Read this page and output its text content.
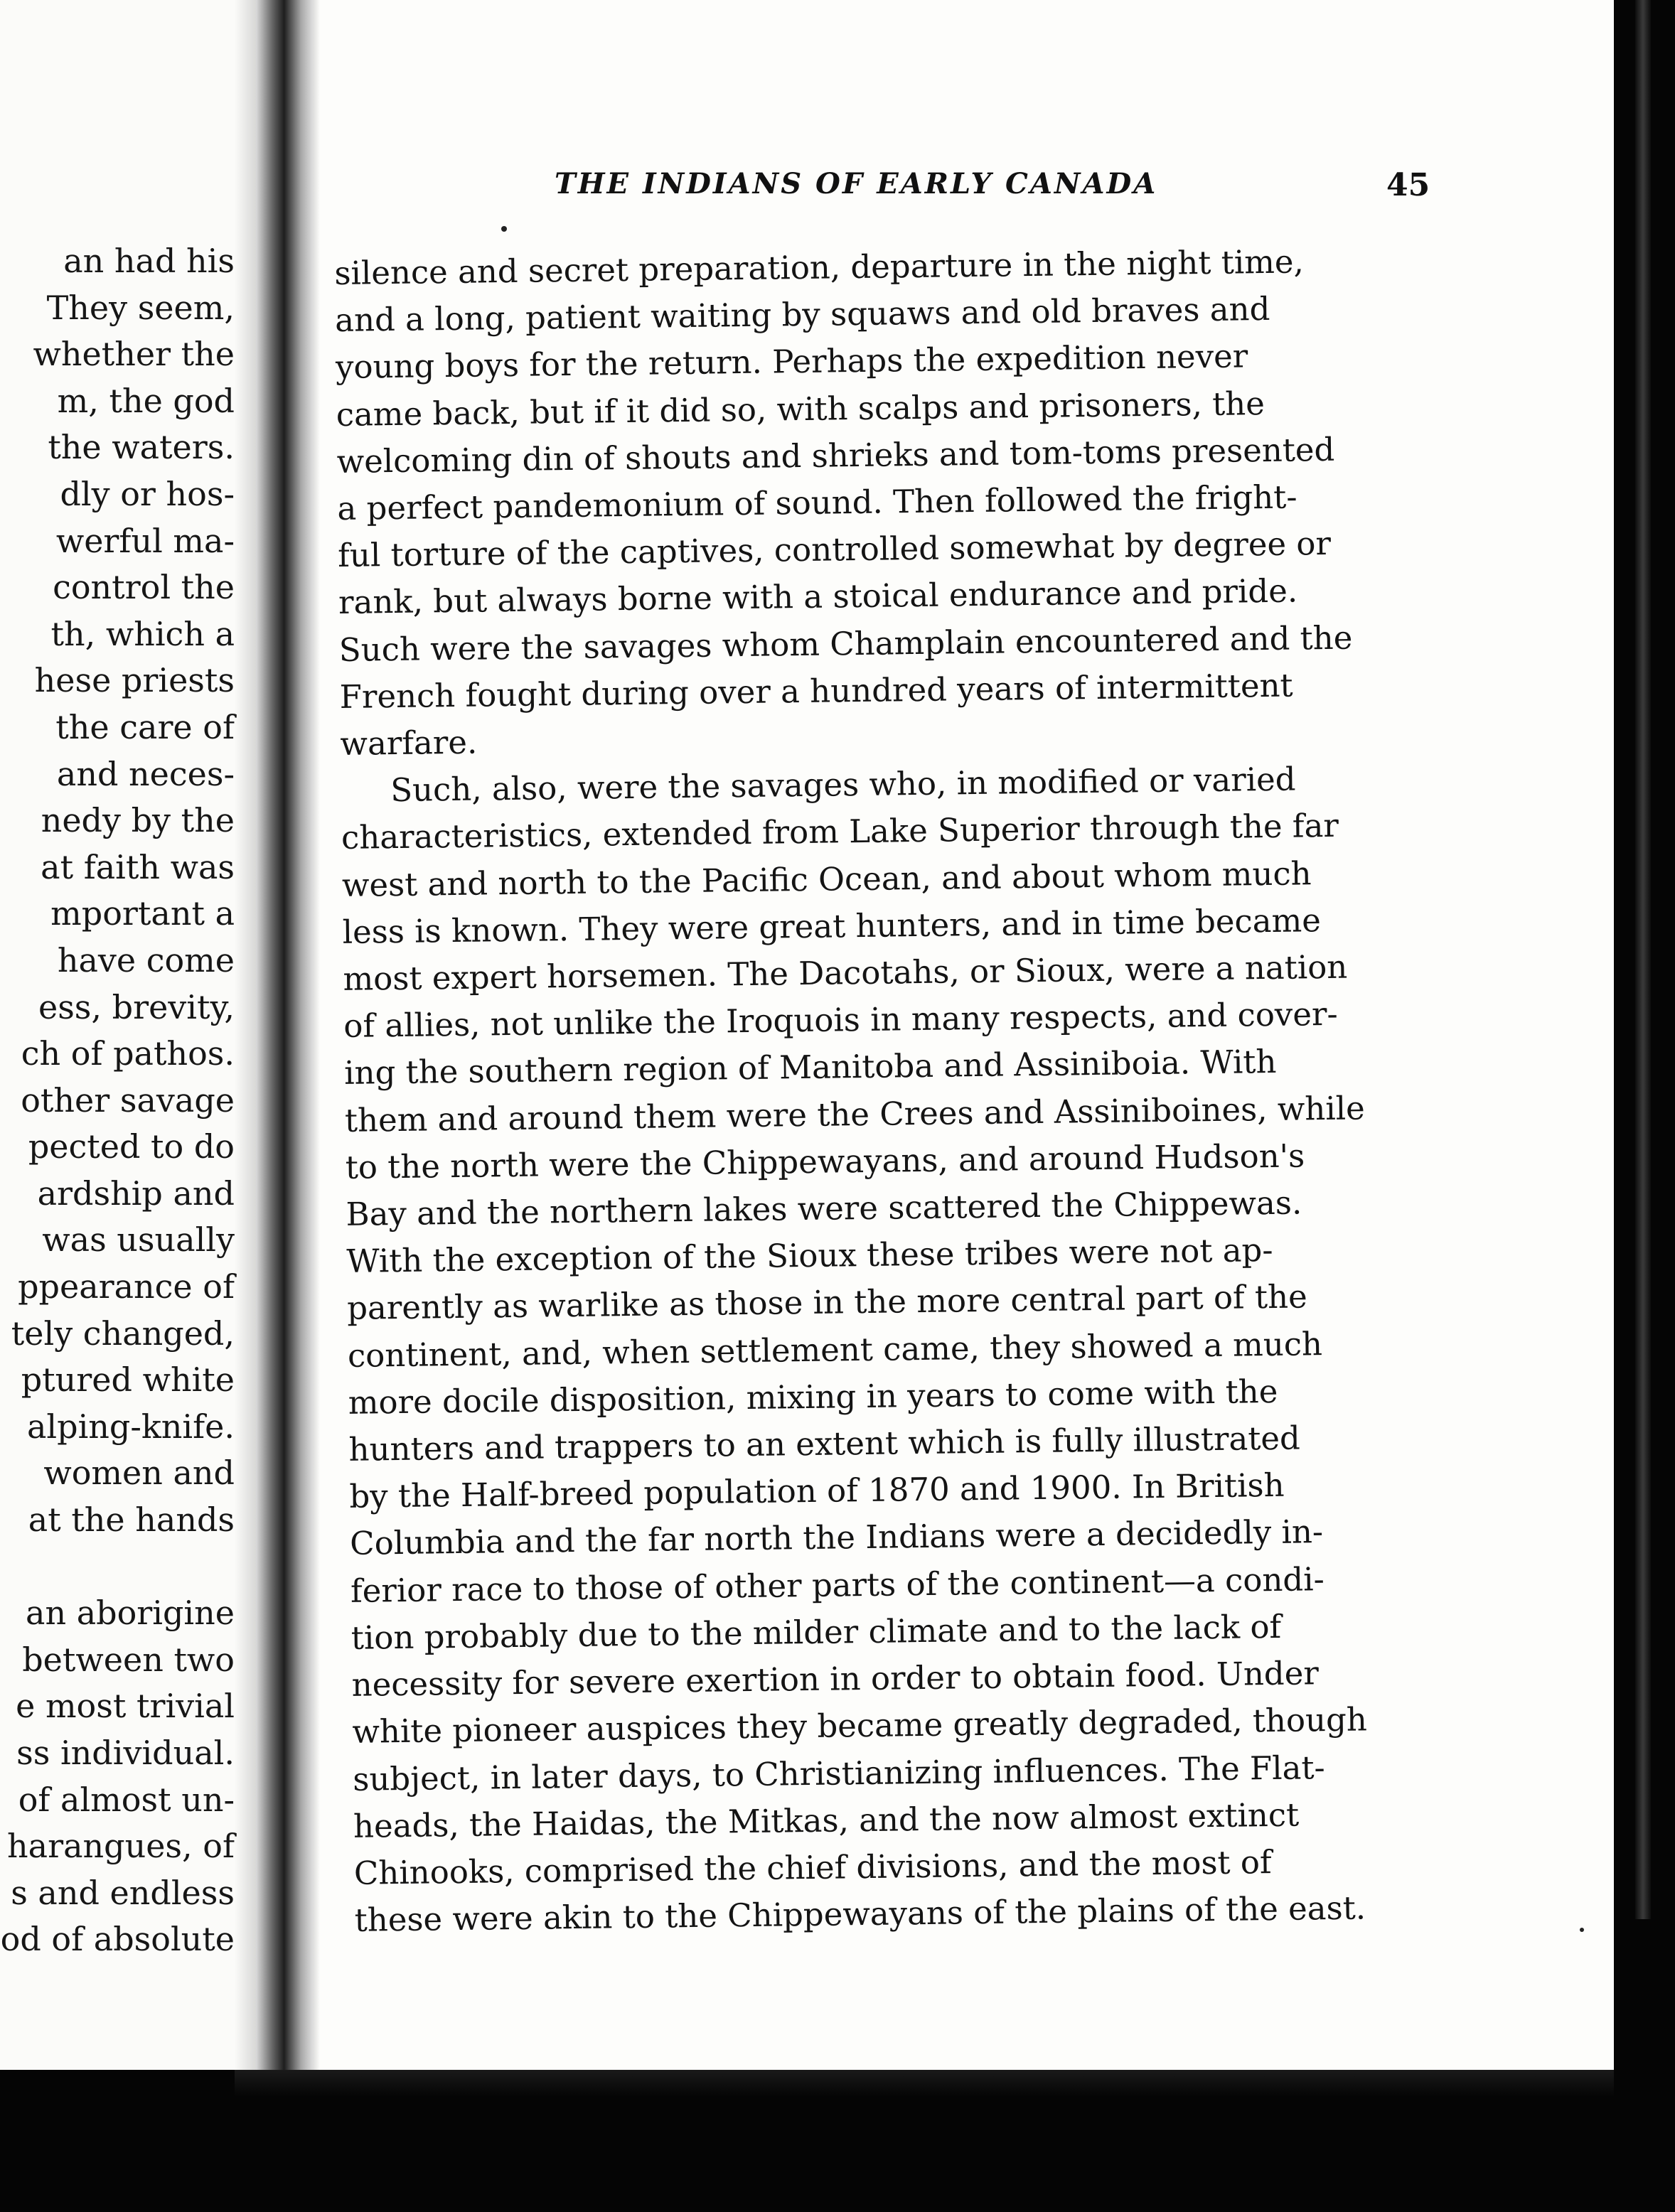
an had his
They seem,
whether the
m, the god
the waters.
dly or hos-
werful ma-
control the
th, which a
hese priests
the care of
and neces-
nedy by the
at faith was
mportant a
have come
ess, brevity,
ch of pathos.
other savage
pected to do
ardship and
was usually
ppearance of
tely changed,
ptured white
alping-knife.
women and
at the hands

an aborigine
between two
e most trivial
ss individual.
of almost un-
harangues, of
s and endless
od of absolute
THE INDIANS OF EARLY CANADA	45
silence and secret preparation, departure in the night time,
and a long, patient waiting by squaws and old braves and
young boys for the return. Perhaps the expedition never
came back, but if it did so, with scalps and prisoners, the
welcoming din of shouts and shrieks and tom-toms presented
a perfect pandemonium of sound. Then followed the fright-
ful torture of the captives, controlled somewhat by degree or
rank, but always borne with a stoical endurance and pride.
Such were the savages whom Champlain encountered and the
French fought during over a hundred years of intermittent
warfare.
Such, also, were the savages who, in modified or varied
characteristics, extended from Lake Superior through the far
west and north to the Pacific Ocean, and about whom much
less is known. They were great hunters, and in time became
most expert horsemen. The Dacotahs, or Sioux, were a nation
of allies, not unlike the Iroquois in many respects, and cover-
ing the southern region of Manitoba and Assiniboia. With
them and around them were the Crees and Assiniboines, while
to the north were the Chippewayans, and around Hudson's
Bay and the northern lakes were scattered the Chippewas.
With the exception of the Sioux these tribes were not ap-
parently as warlike as those in the more central part of the
continent, and, when settlement came, they showed a much
more docile disposition, mixing in years to come with the
hunters and trappers to an extent which is fully illustrated
by the Half-breed population of 1870 and 1900. In British
Columbia and the far north the Indians were a decidedly in-
ferior race to those of other parts of the continent—a condi-
tion probably due to the milder climate and to the lack of
necessity for severe exertion in order to obtain food. Under
white pioneer auspices they became greatly degraded, though
subject, in later days, to Christianizing influences. The Flat-
heads, the Haidas, the Mitkas, and the now almost extinct
Chinooks, comprised the chief divisions, and the most of
these were akin to the Chippewayans of the plains of the east.
